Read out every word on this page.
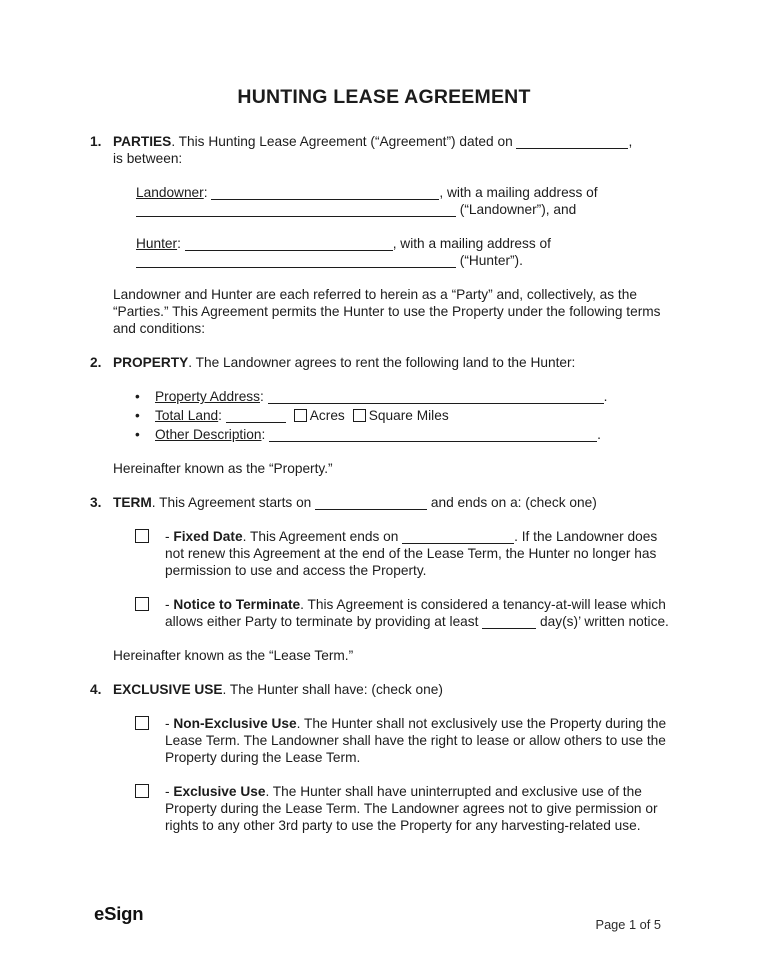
HUNTING LEASE AGREEMENT
1. PARTIES. This Hunting Lease Agreement (“Agreement”) dated on	,
is between:
Landowner:	, with a mailing address of
(“Landowner”), and
Hunter:	, with a mailing address of
(“Hunter”).
Landowner and Hunter are each referred to herein as a “Party” and, collectively, as the “Parties.” This Agreement permits the Hunter to use the Property under the following terms and conditions:
2. PROPERTY. The Landowner agrees to rent the following land to the Hunter:
• Property Address:	.
• Total Land:	Acres Square Miles
• Other Description:	.
Hereinafter known as the “Property.”
3. TERM. This Agreement starts on	and ends on a: (check one)
- Fixed Date. This Agreement ends on	. If the Landowner does not renew this Agreement at the end of the Lease Term, the Hunter no longer has permission to use and access the Property.
- Notice to Terminate. This Agreement is considered a tenancy-at-will lease which allows either Party to terminate by providing at least	day(s)’ written notice.
Hereinafter known as the “Lease Term.”
4. EXCLUSIVE USE. The Hunter shall have: (check one)
- Non-Exclusive Use. The Hunter shall not exclusively use the Property during the Lease Term. The Landowner shall have the right to lease or allow others to use the Property during the Lease Term.
- Exclusive Use. The Hunter shall have uninterrupted and exclusive use of the Property during the Lease Term. The Landowner agrees not to give permission or rights to any other 3rd party to use the Property for any harvesting-related use.
eSign
Page 1 of 5
